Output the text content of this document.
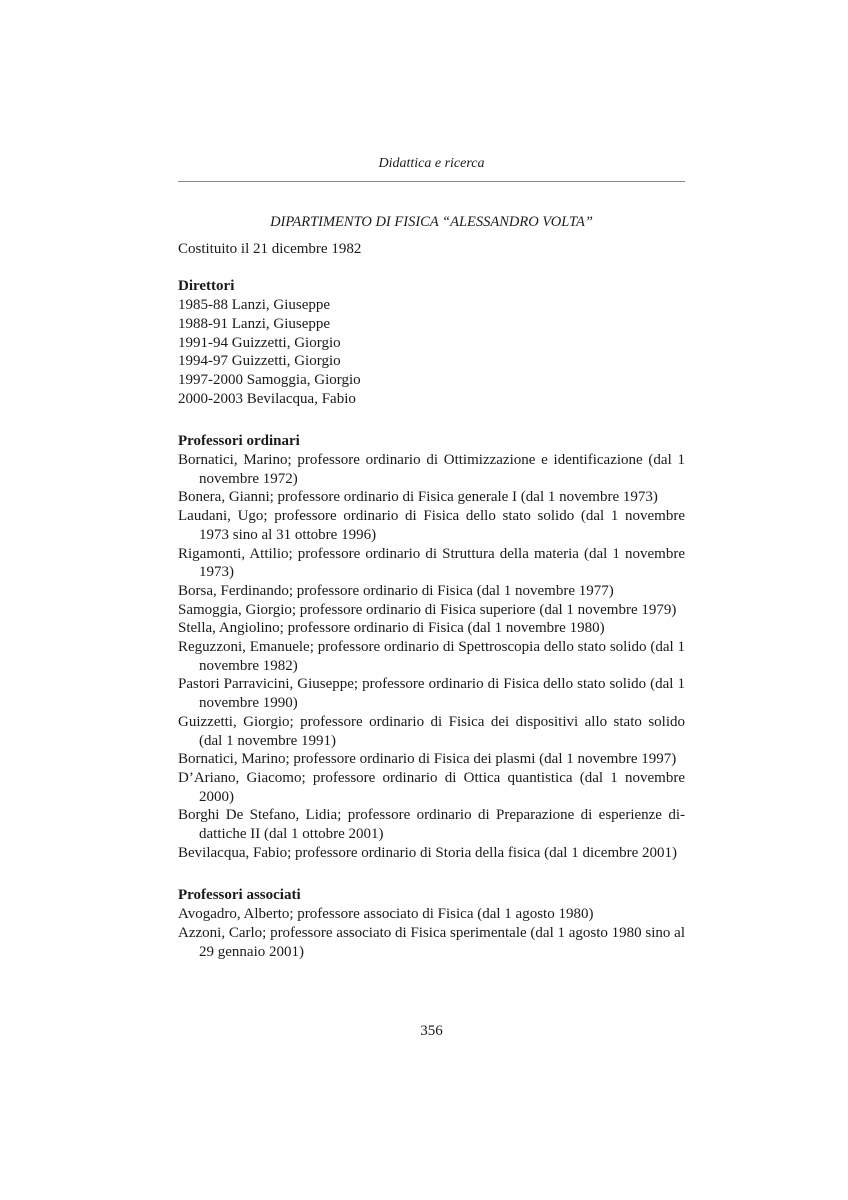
Didattica e ricerca
DIPARTIMENTO DI FISICA “ALESSANDRO VOLTA”

Costituito il 21 dicembre 1982

Direttori

1985-88 Lanzi, Giuseppe

1988-91 Lanzi, Giuseppe

1991-94 Guizzetti, Giorgio

1994-97 Guizzetti, Giorgio

1997-2000 Samoggia, Giorgio

2000-2003 Bevilacqua, Fabio

Professori ordinari

Bornatici, Marino; professore ordinario di Ottimizzazione e identificazione (dal 1 novembre 1972)

Bonera, Gianni; professore ordinario di Fisica generale I (dal 1 novembre 1973)

Laudani, Ugo; professore ordinario di Fisica dello stato solido (dal 1 novembre 1973 sino al 31 ottobre 1996)

Rigamonti, Attilio; professore ordinario di Struttura della materia (dal 1 novembre 1973)

Borsa, Ferdinando; professore ordinario di Fisica (dal 1 novembre 1977)

Samoggia, Giorgio; professore ordinario di Fisica superiore (dal 1 novembre 1979)

Stella, Angiolino; professore ordinario di Fisica (dal 1 novembre 1980)

Reguzzoni, Emanuele; professore ordinario di Spettroscopia dello stato solido (dal 1 novembre 1982)

Pastori Parravicini, Giuseppe; professore ordinario di Fisica dello stato solido (dal 1 novembre 1990)

Guizzetti, Giorgio; professore ordinario di Fisica dei dispositivi allo stato solido (dal 1 novembre 1991)

Bornatici, Marino; professore ordinario di Fisica dei plasmi (dal 1 novembre 1997)

D’Ariano, Giacomo; professore ordinario di Ottica quantistica (dal 1 novembre 2000)

Borghi De Stefano, Lidia; professore ordinario di Preparazione di esperienze didattiche II (dal 1 ottobre 2001)

Bevilacqua, Fabio; professore ordinario di Storia della fisica (dal 1 dicembre 2001)

Professori associati

Avogadro, Alberto; professore associato di Fisica (dal 1 agosto 1980)

Azzoni, Carlo; professore associato di Fisica sperimentale (dal 1 agosto 1980 sino al 29 gennaio 2001)

356
